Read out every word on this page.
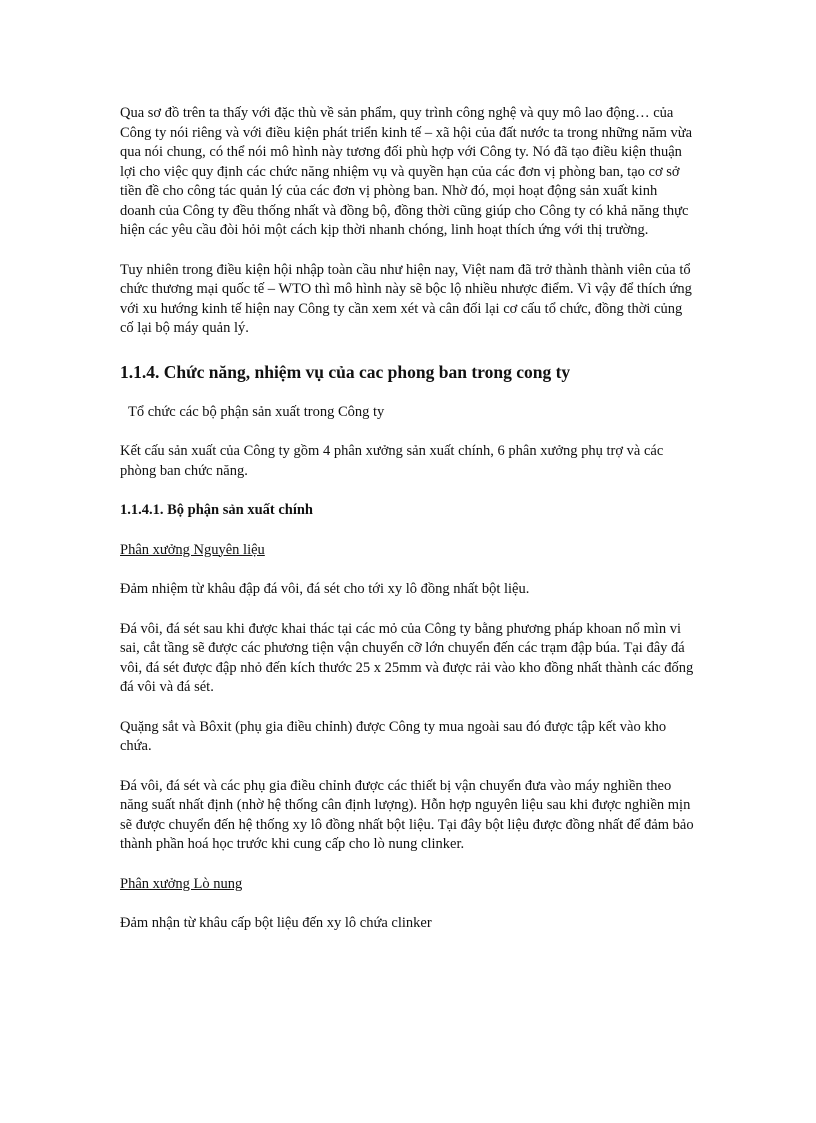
Qua sơ đồ trên ta thấy với đặc thù về sản phẩm, quy trình công nghệ và quy mô lao động… của Công ty nói riêng và với điều kiện phát triển kinh tế – xã hội của đất nước ta trong những năm vừa qua nói chung, có thể nói mô hình này tương đối phù hợp với Công ty. Nó đã tạo điều kiện thuận lợi cho việc quy định các chức năng nhiệm vụ và quyền hạn của các đơn vị phòng ban, tạo cơ sở tiền đề cho công tác quản lý của các đơn vị phòng ban. Nhờ đó, mọi hoạt động sản xuất kinh doanh của Công ty đều thống nhất và đồng bộ, đồng thời cũng giúp cho Công ty có khả năng thực hiện các yêu cầu đòi hỏi một cách kịp thời nhanh chóng, linh hoạt thích ứng với thị trường.

Tuy nhiên trong điều kiện hội nhập toàn cầu như hiện nay, Việt nam đã trở thành thành viên của tổ chức thương mại quốc tế – WTO thì mô hình này sẽ bộc lộ nhiều nhược điểm. Vì vậy để thích ứng với xu hướng kinh tế hiện nay Công ty cần xem xét và cân đối lại cơ cấu tổ chức, đồng thời củng cố lại bộ máy quản lý.

1.1.4. Chức năng, nhiệm vụ của cac phong ban trong cong ty

Tổ chức các bộ phận sản xuất trong Công ty

Kết cấu sản xuất của Công ty gồm 4 phân xưởng sản xuất chính, 6 phân xưởng phụ trợ và các phòng ban chức năng.

1.1.4.1. Bộ phận sản xuất chính

Phân xưởng Nguyên liệu

Đảm nhiệm từ khâu đập đá vôi, đá sét cho tới xy lô đồng nhất bột liệu.

Đá vôi, đá sét sau khi được khai thác tại các mỏ của Công ty bằng phương pháp khoan nổ mìn vi sai, cắt tầng sẽ được các phương tiện vận chuyển cỡ lớn chuyển đến các trạm đập búa. Tại đây đá vôi, đá sét được đập nhỏ đến kích thước 25 x 25mm và được rải vào kho đồng nhất thành các đống đá vôi và đá sét.

Quặng sắt và Bôxit (phụ gia điều chỉnh) được Công ty mua ngoài sau đó được tập kết vào kho chứa.

Đá vôi, đá sét và các phụ gia điều chỉnh được các thiết bị vận chuyển đưa vào máy nghiền theo năng suất nhất định (nhờ hệ thống cân định lượng). Hỗn hợp nguyên liệu sau khi được nghiền mịn sẽ được chuyển đến hệ thống xy lô đồng nhất bột liệu. Tại đây bột liệu được đồng nhất để đảm bảo thành phần hoá học trước khi cung cấp cho lò nung clinker.

Phân xưởng Lò nung

Đảm nhận từ khâu cấp bột liệu đến xy lô chứa clinker
